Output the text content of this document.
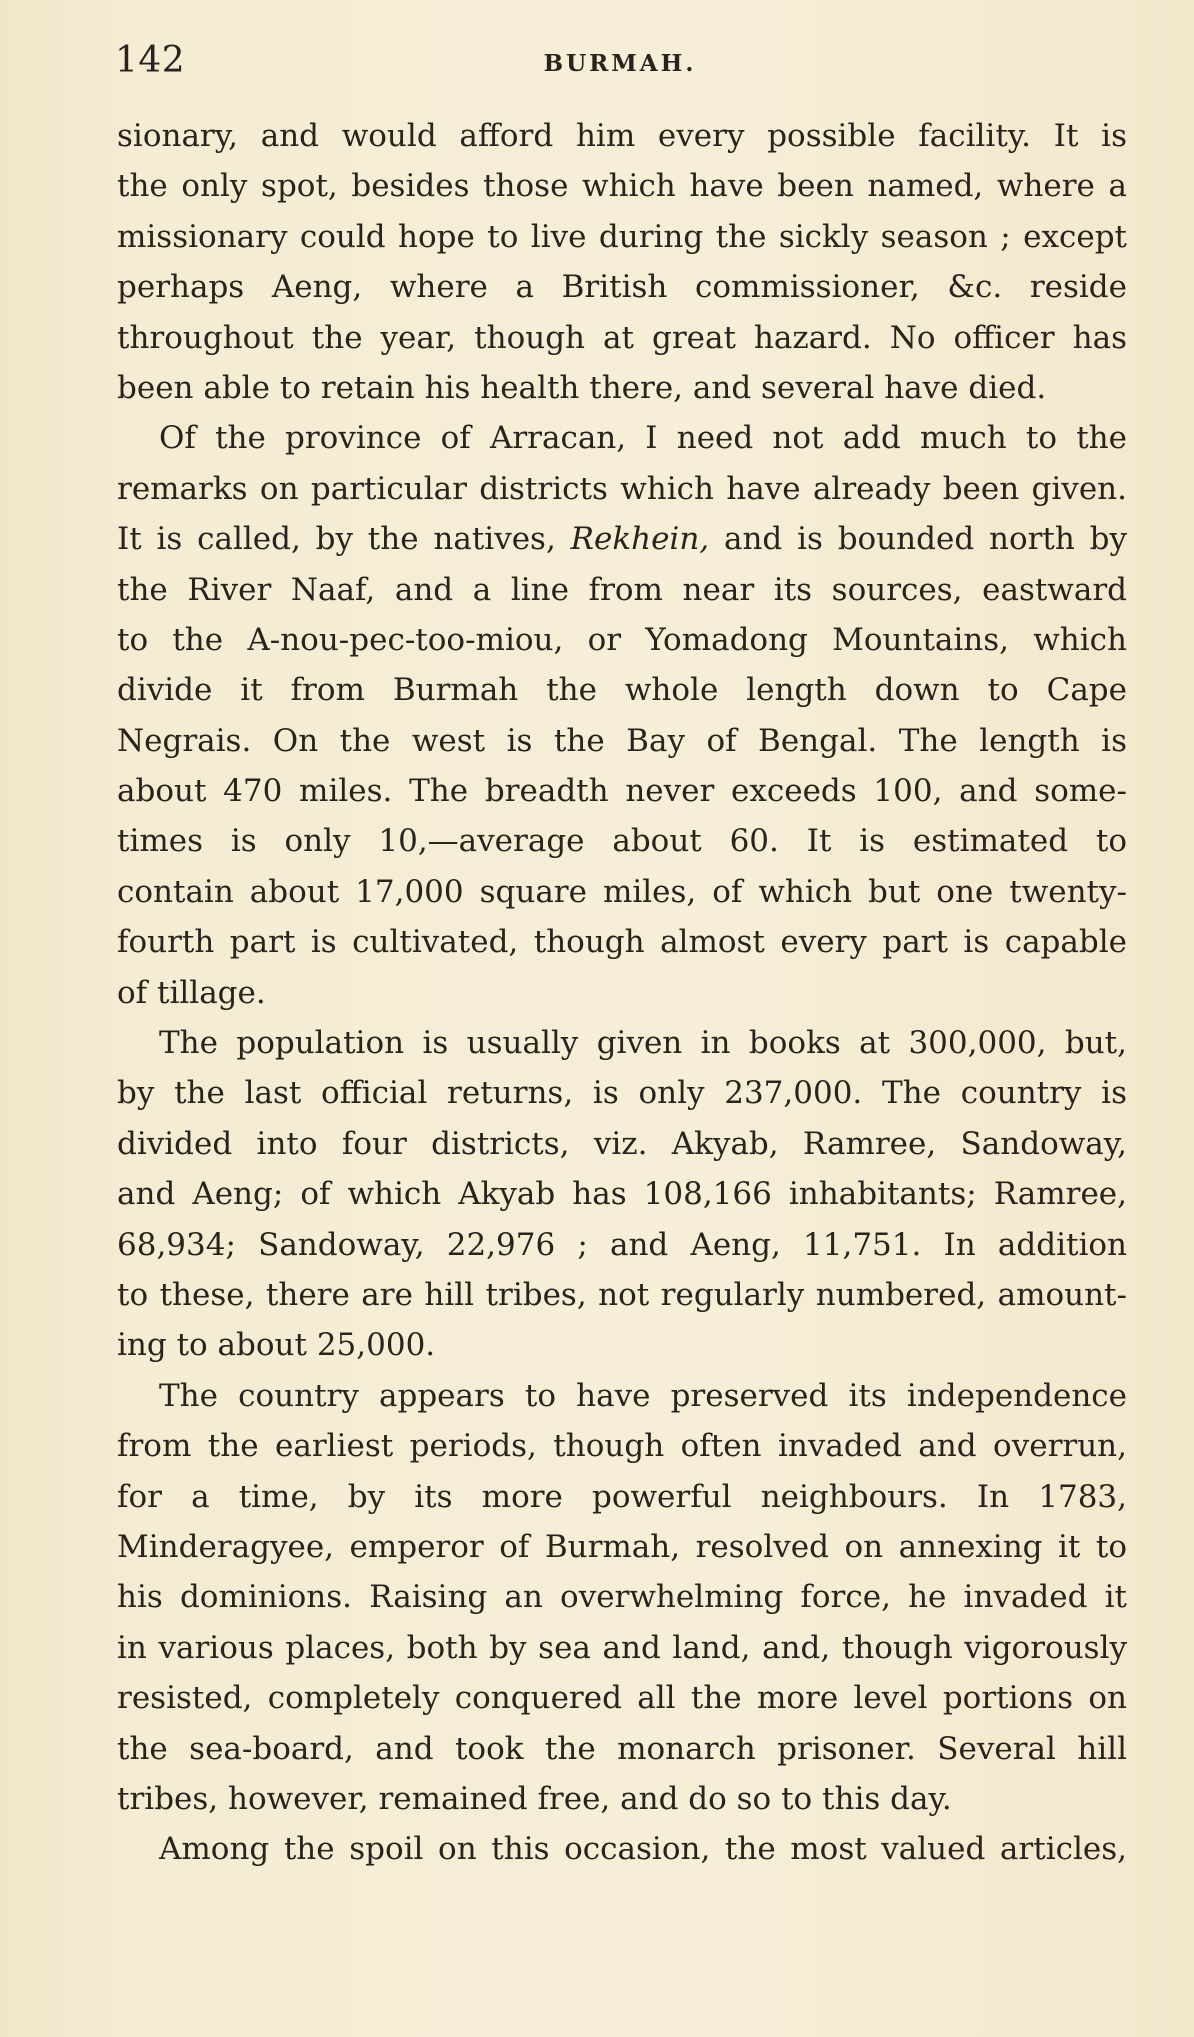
142	BURMAH.
sionary, and would afford him every possible facility. It is
the only spot, besides those which have been named, where a
missionary could hope to live during the sickly season ; except
perhaps Aeng, where a British commissioner, &c. reside
throughout the year, though at great hazard. No officer has
been able to retain his health there, and several have died.
Of the province of Arracan, I need not add much to the
remarks on particular districts which have already been given.
It is called, by the natives, Rekhein, and is bounded north by
the River Naaf, and a line from near its sources, eastward
to the A-nou-pec-too-miou, or Yomadong Mountains, which
divide it from Burmah the whole length down to Cape
Negrais. On the west is the Bay of Bengal. The length is
about 470 miles. The breadth never exceeds 100, and some-
times is only 10,—average about 60. It is estimated to
contain about 17,000 square miles, of which but one twenty-
fourth part is cultivated, though almost every part is capable
of tillage.
The population is usually given in books at 300,000, but,
by the last official returns, is only 237,000. The country is
divided into four districts, viz. Akyab, Ramree, Sandoway,
and Aeng; of which Akyab has 108,166 inhabitants; Ramree,
68,934; Sandoway, 22,976 ; and Aeng, 11,751. In addition
to these, there are hill tribes, not regularly numbered, amount-
ing to about 25,000.
The country appears to have preserved its independence
from the earliest periods, though often invaded and overrun,
for a time, by its more powerful neighbours. In 1783,
Minderagyee, emperor of Burmah, resolved on annexing it to
his dominions. Raising an overwhelming force, he invaded it
in various places, both by sea and land, and, though vigorously
resisted, completely conquered all the more level portions on
the sea-board, and took the monarch prisoner. Several hill
tribes, however, remained free, and do so to this day.
Among the spoil on this occasion, the most valued articles,
